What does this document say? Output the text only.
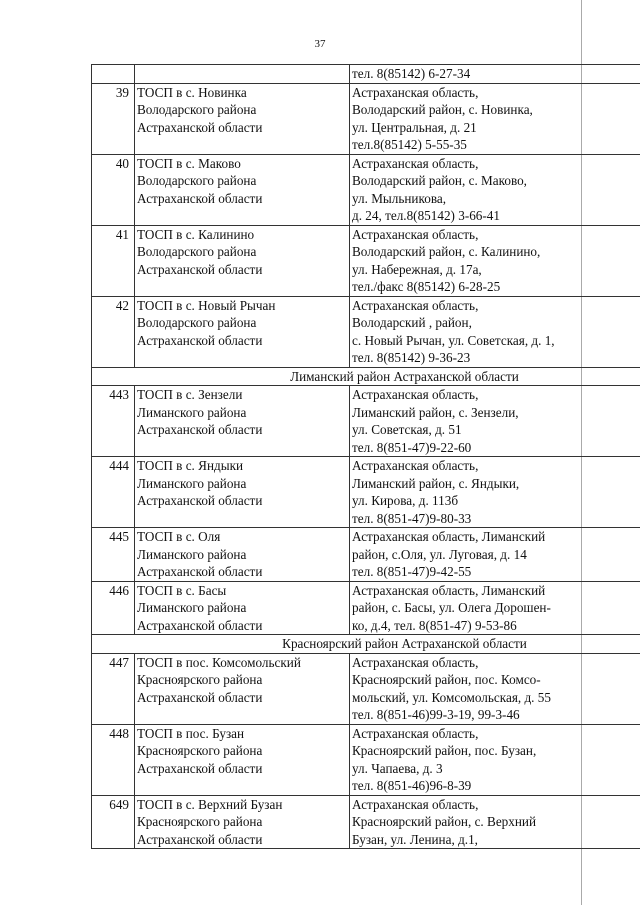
37

		тел. 8(85142) 6-27-34

39	ТОСП в с. Новинка
Володарского района
Астраханской области	Астраханская область,
Володарский район, с. Новинка,
ул. Центральная, д. 21
тел.8(85142) 5-55-35

40	ТОСП в с. Маково
Володарского района
Астраханской области	Астраханская область,
Володарский район, с. Маково,
ул. Мыльникова,
д. 24, тел.8(85142) 3-66-41

41	ТОСП в с. Калинино
Володарского района
Астраханской области	Астраханская область,
Володарский район, с. Калинино,
ул. Набережная, д. 17а,
тел./факс 8(85142) 6-28-25

42	ТОСП в с. Новый Рычан
Володарского района
Астраханской области	Астраханская область,
Володарский , район,
с. Новый Рычан, ул. Советская, д. 1,
тел. 8(85142) 9-36-23

Лиманский район Астраханской области		
443	ТОСП в с. Зензели
Лиманского района
Астраханской области	Астраханская область,
Лиманский район, с. Зензели,
ул. Советская, д. 51
тел. 8(851-47)9-22-60

444	ТОСП в с. Яндыки
Лиманского района
Астраханской области	Астраханская область,
Лиманский район, с. Яндыки,
ул. Кирова, д. 113б
тел. 8(851-47)9-80-33

445	ТОСП в с. Оля
Лиманского района
Астраханской области	Астраханская область, Лиманский
район, с.Оля, ул. Луговая, д. 14
тел. 8(851-47)9-42-55

446	ТОСП в с. Басы
Лиманского района
Астраханской области	Астраханская область, Лиманский
район, с. Басы, ул. Олега Дорошен-
ко, д.4, тел. 8(851-47) 9-53-86

Красноярский район Астраханской области		
447	ТОСП в пос. Комсомольский
Красноярского района
Астраханской области	Астраханская область,
Красноярский район, пос. Комсо-
мольский, ул. Комсомольская, д. 55
тел. 8(851-46)99-3-19, 99-3-46

448	ТОСП в пос. Бузан
Красноярского района
Астраханской области	Астраханская область,
Красноярский район, пос. Бузан,
ул. Чапаева, д. 3
тел. 8(851-46)96-8-39

649	ТОСП в с. Верхний Бузан
Красноярского района
Астраханской области	Астраханская область,
Красноярский район, с. Верхний
Бузан, ул. Ленина, д.1,
